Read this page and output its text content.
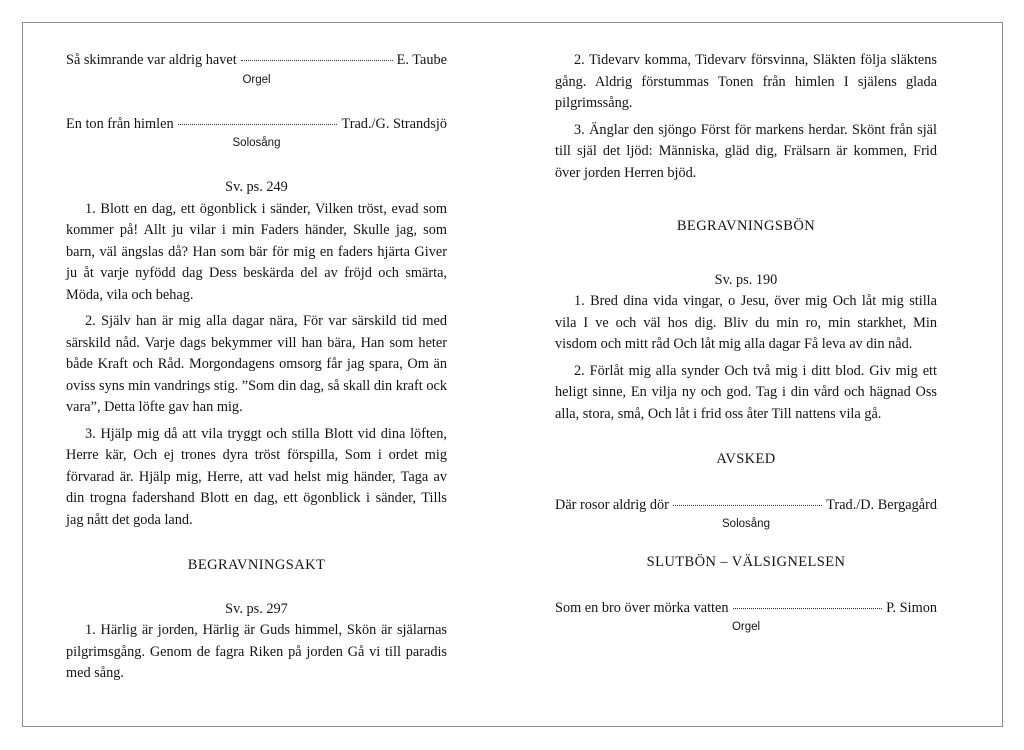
Så skimrande var aldrig havet	E. Taube
Orgel
En ton från himlen	Trad./G. Strandsjö
Solosång
Sv. ps. 249

1. Blott en dag, ett ögonblick i sänder, Vilken tröst, evad som kommer på! Allt ju vilar i min Faders händer, Skulle jag, som barn, väl ängslas då? Han som bär för mig en faders hjärta Giver ju åt varje nyfödd dag Dess beskärda del av fröjd och smärta, Möda, vila och behag.

2. Själv han är mig alla dagar nära, För var särskild tid med särskild nåd. Varje dags bekymmer vill han bära, Han som heter både Kraft och Råd. Morgondagens omsorg får jag spara, Om än oviss syns min vandrings stig. ”Som din dag, så skall din kraft ock vara”, Detta löfte gav han mig.

3. Hjälp mig då att vila tryggt och stilla Blott vid dina löften, Herre kär, Och ej trones dyra tröst förspilla, Som i ordet mig förvarad är. Hjälp mig, Herre, att vad helst mig händer, Taga av din trogna fadershand Blott en dag, ett ögonblick i sänder, Tills jag nått det goda land.

BEGRAVNINGSAKT
Sv. ps. 297

1. Härlig är jorden, Härlig är Guds himmel, Skön är själarnas pilgrimsgång. Genom de fagra Riken på jorden Gå vi till paradis med sång.

2. Tidevarv komma, Tidevarv försvinna, Släkten följa släktens gång. Aldrig förstummas Tonen från himlen I själens glada pilgrimssång.

3. Änglar den sjöngo Först för markens herdar. Skönt från själ till själ det ljöd: Människa, gläd dig, Frälsarn är kommen, Frid över jorden Herren bjöd.

BEGRAVNINGSBÖN
Sv. ps. 190

1. Bred dina vida vingar, o Jesu, över mig Och låt mig stilla vila I ve och väl hos dig. Bliv du min ro, min starkhet, Min visdom och mitt råd Och låt mig alla dagar Få leva av din nåd.

2. Förlåt mig alla synder Och två mig i ditt blod. Giv mig ett heligt sinne, En vilja ny och god. Tag i din vård och hägnad Oss alla, stora, små, Och låt i frid oss åter Till nattens vila gå.

AVSKED
Där rosor aldrig dör	Trad./D. Bergagård
Solosång
SLUTBÖN – VÄLSIGNELSEN
Som en bro över mörka vatten	P. Simon
Orgel
